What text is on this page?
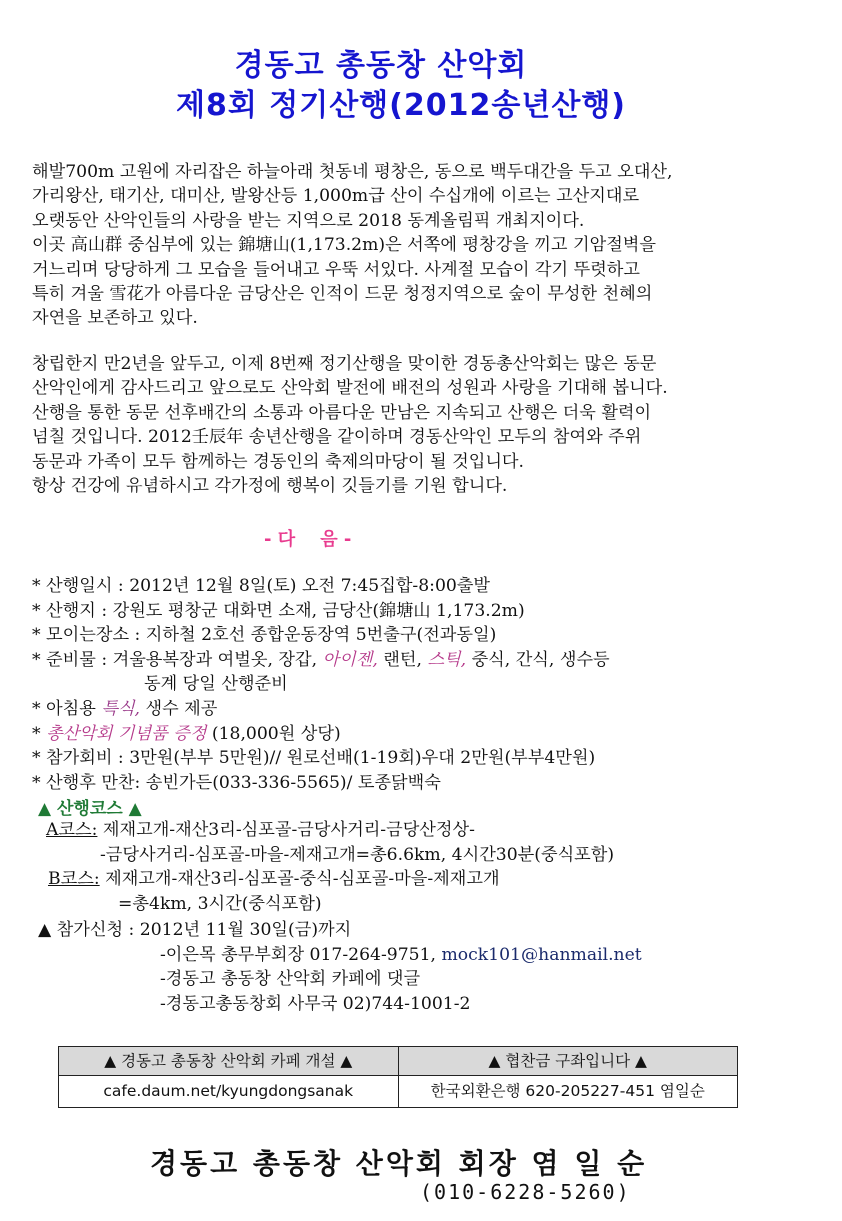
경동고 총동창 산악회
제8회 정기산행(2012송년산행)
해발700m 고원에 자리잡은 하늘아래 첫동네 평창은, 동으로 백두대간을 두고 오대산,
가리왕산, 태기산, 대미산, 발왕산등 1,000m급 산이 수십개에 이르는 고산지대로
오랫동안 산악인들의 사랑을 받는 지역으로 2018 동계올림픽 개최지이다.
이곳 高山群 중심부에 있는 錦塘山(1,173.2m)은 서쪽에 평창강을 끼고 기암절벽을
거느리며 당당하게 그 모습을 들어내고 우뚝 서있다. 사계절 모습이 각기 뚜렷하고
특히 겨울 雪花가 아름다운 금당산은 인적이 드문 청정지역으로 숲이 무성한 천혜의
자연을 보존하고 있다.
창립한지 만2년을 앞두고, 이제 8번째 정기산행을 맞이한 경동총산악회는 많은 동문
산악인에게 감사드리고 앞으로도 산악회 발전에 배전의 성원과 사랑을 기대해 봅니다.
산행을 통한 동문 선후배간의 소통과 아름다운 만남은 지속되고 산행은 더욱 활력이
넘칠 것입니다. 2012壬辰年 송년산행을 같이하며 경동산악인 모두의 참여와 주위
동문과 가족이 모두 함께하는 경동인의 축제의마당이 될 것입니다.
항상 건강에 유념하시고 각가정에 행복이 깃들기를 기원 합니다.
- 다    음 -
* 산행일시 : 2012년 12월 8일(토) 오전 7:45집합-8:00출발
* 산행지 : 강원도 평창군 대화면 소재, 금당산(錦塘山 1,173.2m)
* 모이는장소 : 지하철 2호선 종합운동장역 5번출구(전과동일)
* 준비물 : 겨울용복장과 여벌옷, 장갑, 아이젠, 랜턴, 스틱, 중식, 간식, 생수등
동계 당일 산행준비
* 아침용 특식, 생수 제공
* 총산악회 기념품 증정 (18,000원 상당)
* 참가회비 : 3만원(부부 5만원)// 원로선배(1-19회)우대 2만원(부부4만원)
* 산행후 만찬: 송빈가든(033-336-5565)/ 토종닭백숙
▲ 산행코스 ▲
A코스: 제재고개-재산3리-심포골-금당사거리-금당산정상-
-금당사거리-심포골-마을-제재고개=총6.6km, 4시간30분(중식포함)
B코스: 제재고개-재산3리-심포골-중식-심포골-마을-제재고개
=총4km, 3시간(중식포함)
▲ 참가신청 : 2012년 11월 30일(금)까지
-이은목 총무부회장 017-264-9751, mock101@hanmail.net
-경동고 총동창 산악회 카페에 댓글
-경동고총동창회 사무국 02)744-1001-2
▲ 경동고 총동창 산악회 카페 개설 ▲
cafe.daum.net/kyungdongsanak
▲ 협찬금 구좌입니다 ▲
한국외환은행 620-205227-451 염일순
경동고 총동창 산악회 회장 염 일 순
(010-6228-5260)
